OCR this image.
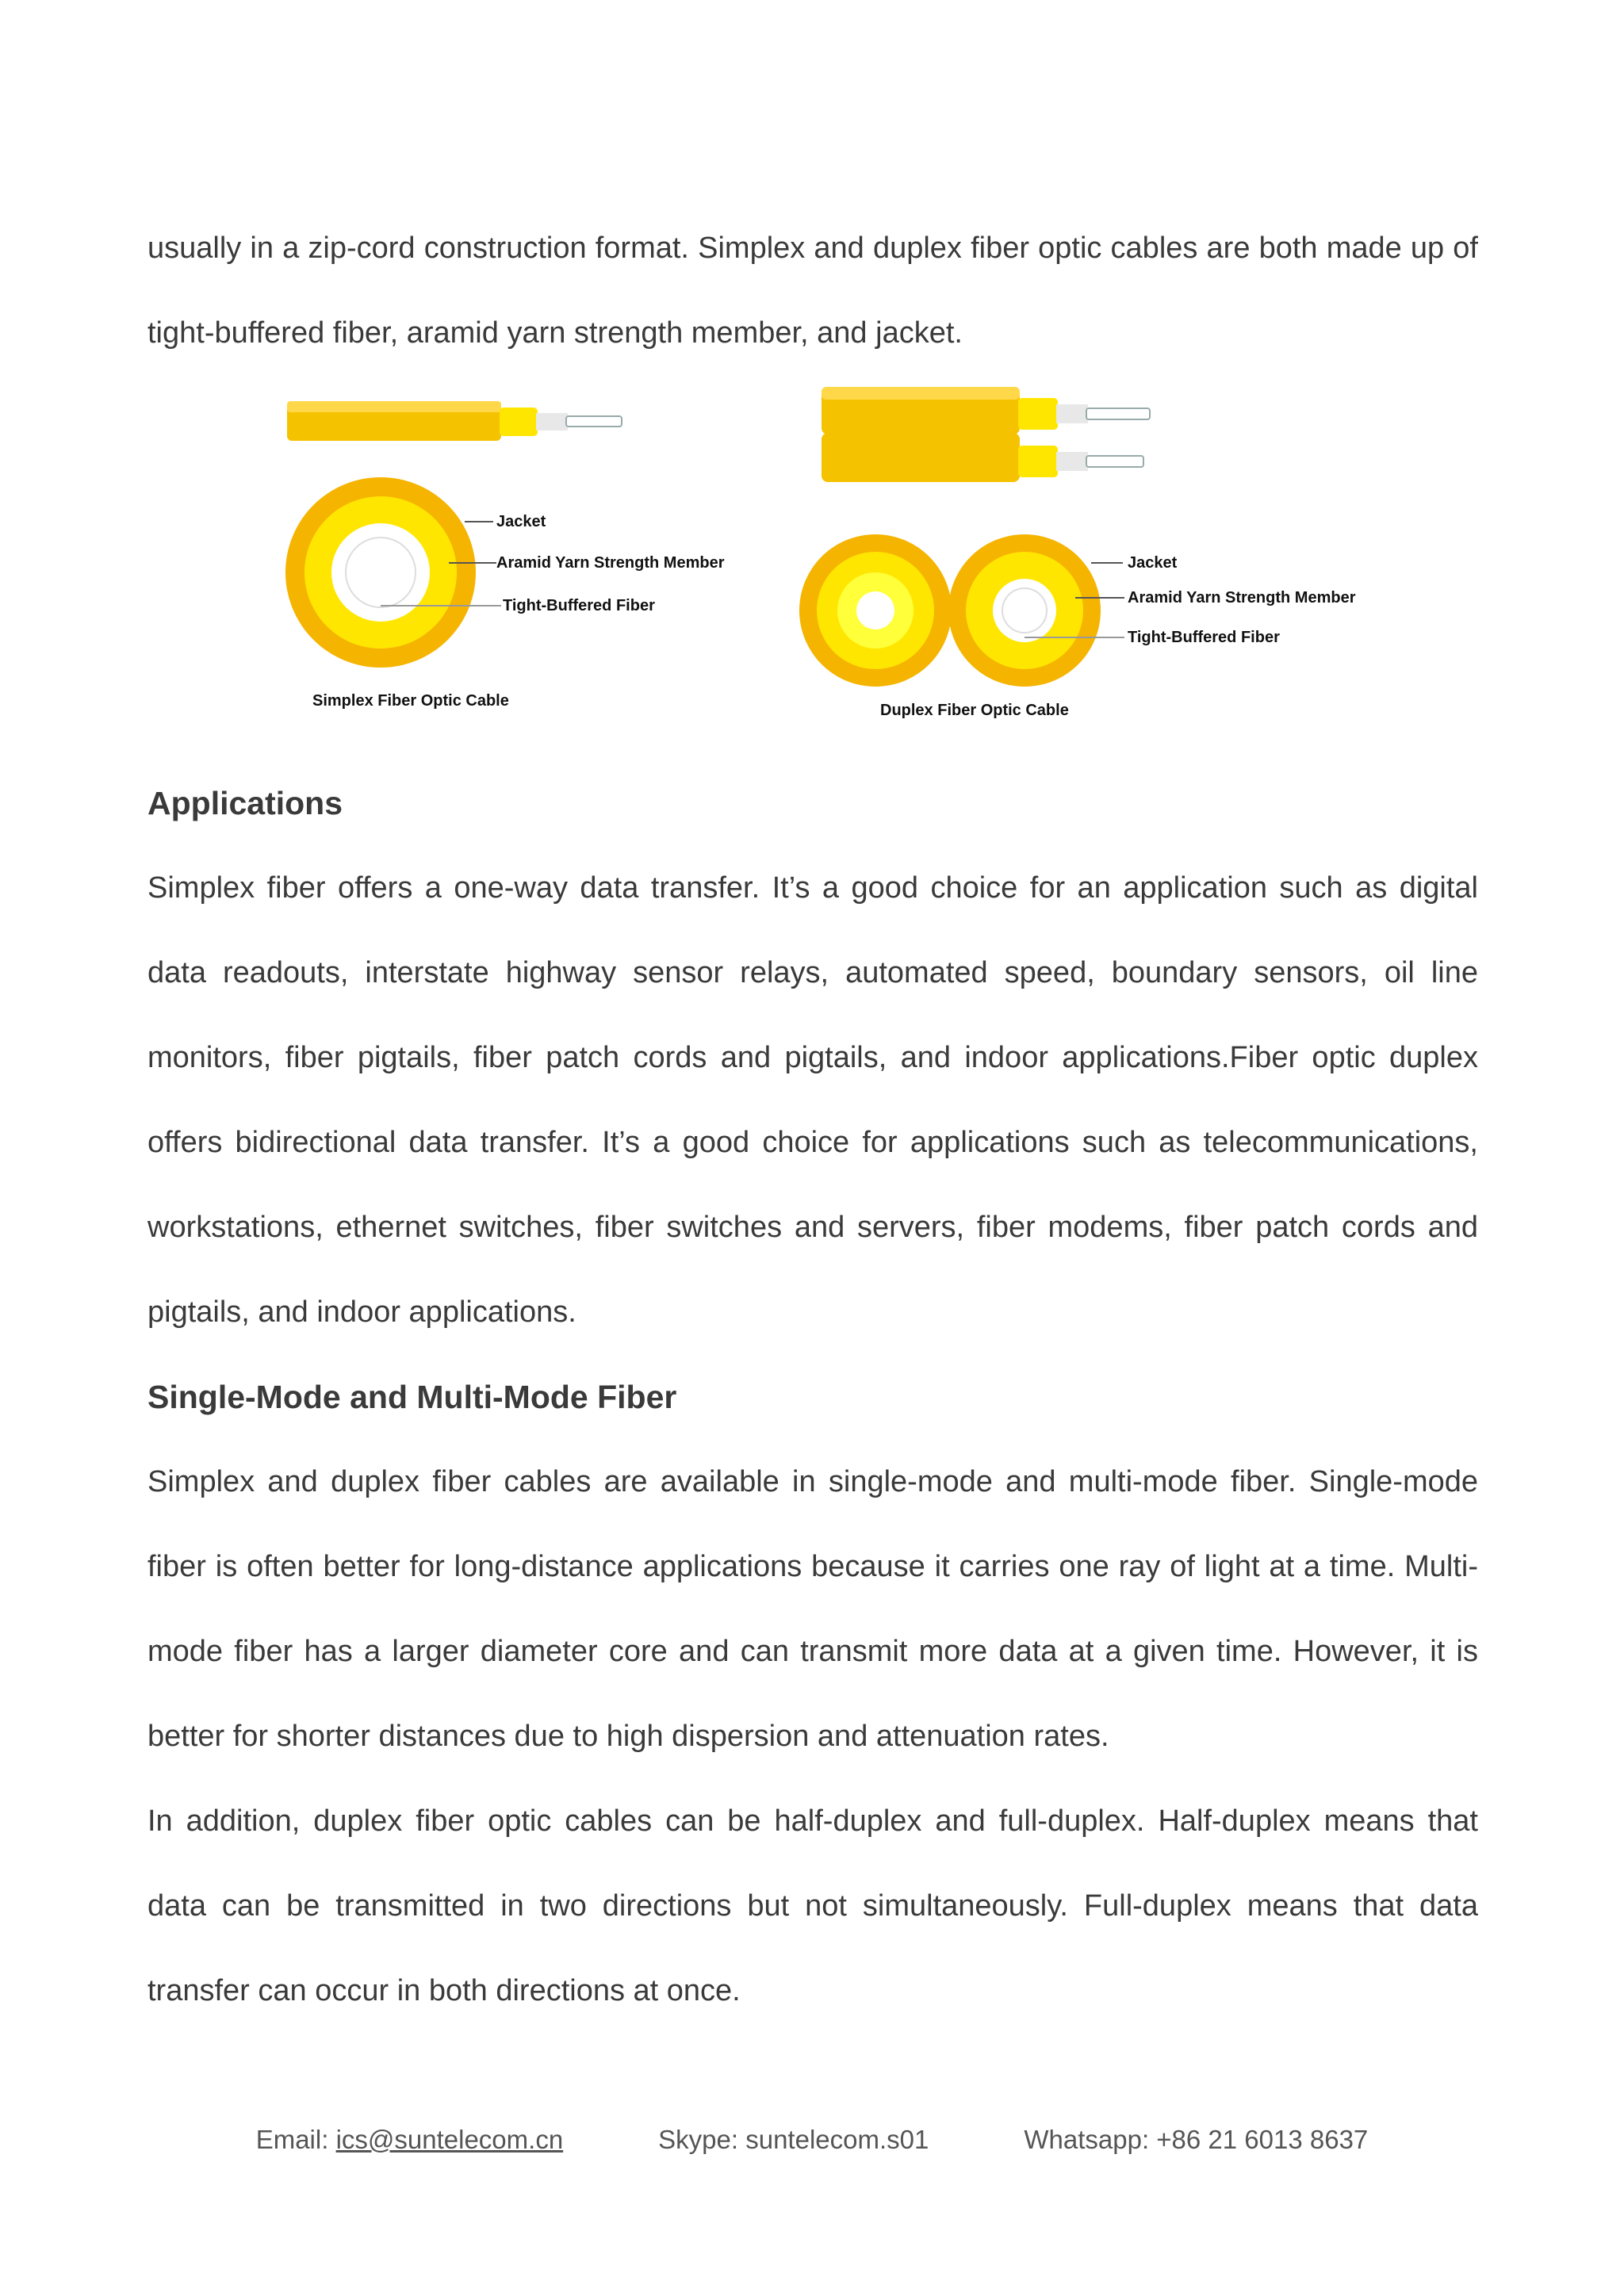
usually in a zip-cord construction format. Simplex and duplex fiber optic cables are both made up of tight-buffered fiber, aramid yarn strength member, and jacket.

Jacket
Aramid Yarn Strength Member
Tight-Buffered Fiber
Simplex Fiber Optic Cable
Jacket
Aramid Yarn Strength Member
Tight-Buffered Fiber
Duplex Fiber Optic Cable
Applications

Simplex fiber offers a one-way data transfer. It’s a good choice for an application such as digital data readouts, interstate highway sensor relays, automated speed, boundary sensors, oil line monitors, fiber pigtails, fiber patch cords and pigtails, and indoor applications.Fiber optic duplex offers bidirectional data transfer. It’s a good choice for applications such as telecommunications, workstations, ethernet switches, fiber switches and servers, fiber modems, fiber patch cords and pigtails, and indoor applications.

Single-Mode and Multi-Mode Fiber

Simplex and duplex fiber cables are available in single-mode and multi-mode fiber. Single-mode fiber is often better for long-distance applications because it carries one ray of light at a time. Multi-mode fiber has a larger diameter core and can transmit more data at a given time. However, it is better for shorter distances due to high dispersion and attenuation rates.

In addition, duplex fiber optic cables can be half-duplex and full-duplex. Half-duplex means that data can be transmitted in two directions but not simultaneously. Full-duplex means that data transfer can occur in both directions at once.

Email: ics@suntelecom.cn	Skype: suntelecom.s01	Whatsapp: +86 21 6013 8637
